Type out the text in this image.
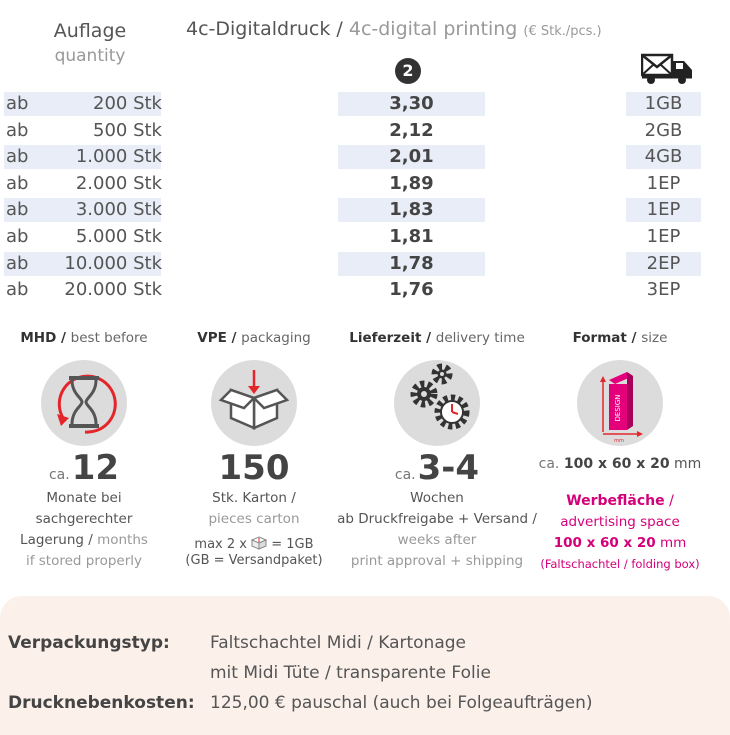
Auflage
quantity
4c-Digitaldruck / 4c-digital printing (€ Stk./pcs.)
2
ab	200 Stk	3,30	1GB
ab	500 Stk	2,12	2GB
ab	1.000 Stk	2,01	4GB
ab	2.000 Stk	1,89	1EP
ab	3.000 Stk	1,83	1EP
ab	5.000 Stk	1,81	1EP
ab	10.000 Stk	1,78	2EP
ab	20.000 Stk	1,76	3EP
MHD / best before
ca.12
Monate bei
sachgerechter
Lagerung / months
if stored properly
VPE / packaging
150
Stk. Karton /
pieces carton
max 2 x = 1GB
(GB = Versandpaket)
Lieferzeit / delivery time
ca.3-4
Wochen
ab Druckfreigabe + Versand /
weeks after
print approval + shipping
Format / size
DESIGN
mm
ca. 100 x 60 x 20 mm
Werbefläche /
advertising space
100 x 60 x 20 mm
(Faltschachtel / folding box)
Verpackungstyp: Faltschachtel Midi / Kartonage
mit Midi Tüte / transparente Folie
Drucknebenkosten: 125,00 € pauschal (auch bei Folgeaufträgen)
